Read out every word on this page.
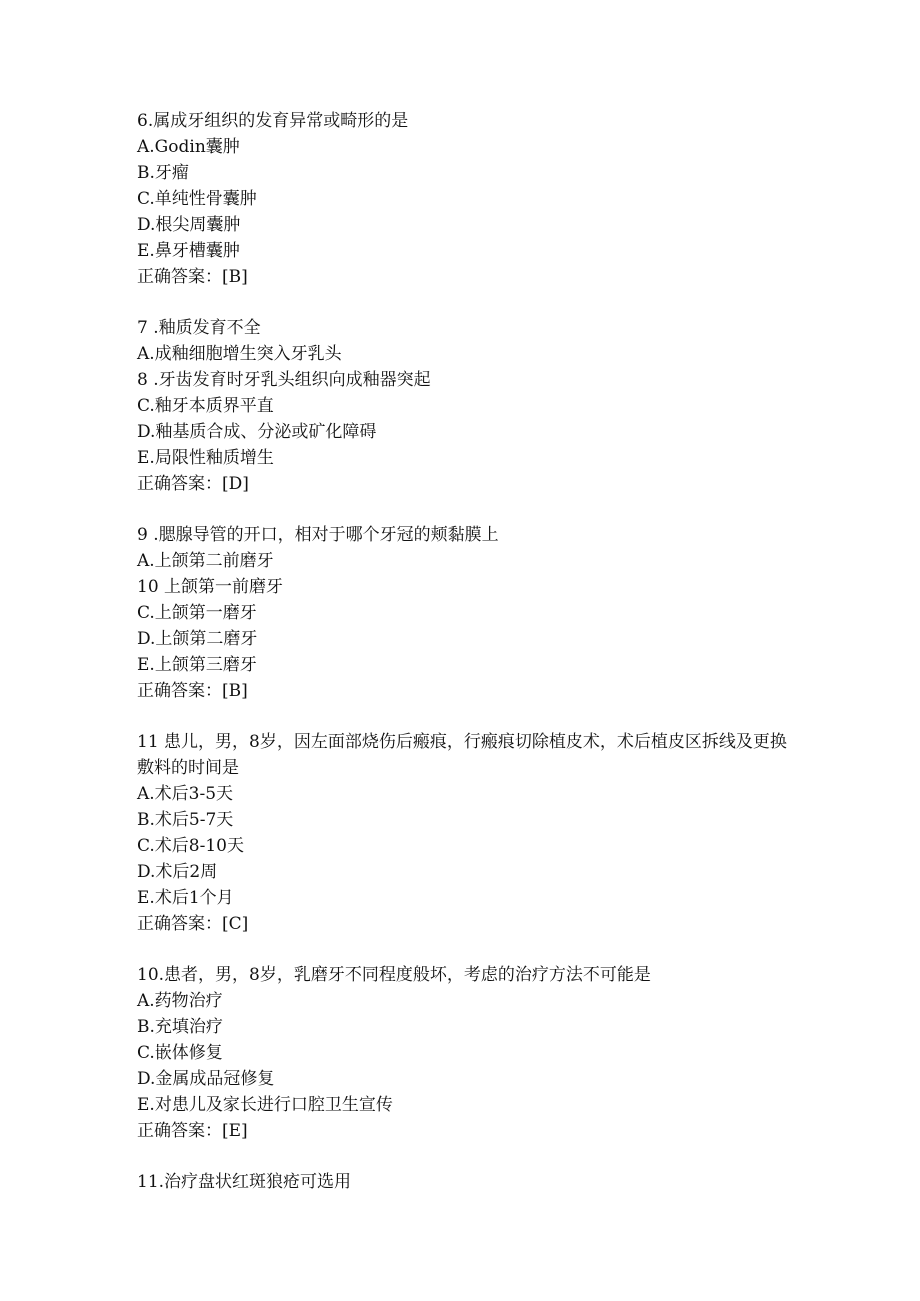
6.属成牙组织的发育异常或畸形的是

A.Godin囊肿

B.牙瘤

C.单纯性骨囊肿

D.根尖周囊肿

E.鼻牙槽囊肿

正确答案：[B]

7 .釉质发育不全

A.成釉细胞增生突入牙乳头

8 .牙齿发育时牙乳头组织向成釉器突起

C.釉牙本质界平直

D.釉基质合成、分泌或矿化障碍

E.局限性釉质增生

正确答案：[D]

9 .腮腺导管的开口，相对于哪个牙冠的颊黏膜上

A.上颌第二前磨牙

10 上颌第一前磨牙

C.上颌第一磨牙

D.上颌第二磨牙

E.上颌第三磨牙

正确答案：[B]

11 患儿，男，8岁，因左面部烧伤后瘢痕，行瘢痕切除植皮术，术后植皮区拆线及更换敷料的时间是

A.术后3-5天

B.术后5-7天

C.术后8-10天

D.术后2周

E.术后1个月

正确答案：[C]

10.患者，男，8岁，乳磨牙不同程度般坏，考虑的治疗方法不可能是

A.药物治疗

B.充填治疗

C.嵌体修复

D.金属成品冠修复

E.对患儿及家长进行口腔卫生宣传

正确答案：[E]

11.治疗盘状红斑狼疮可选用
